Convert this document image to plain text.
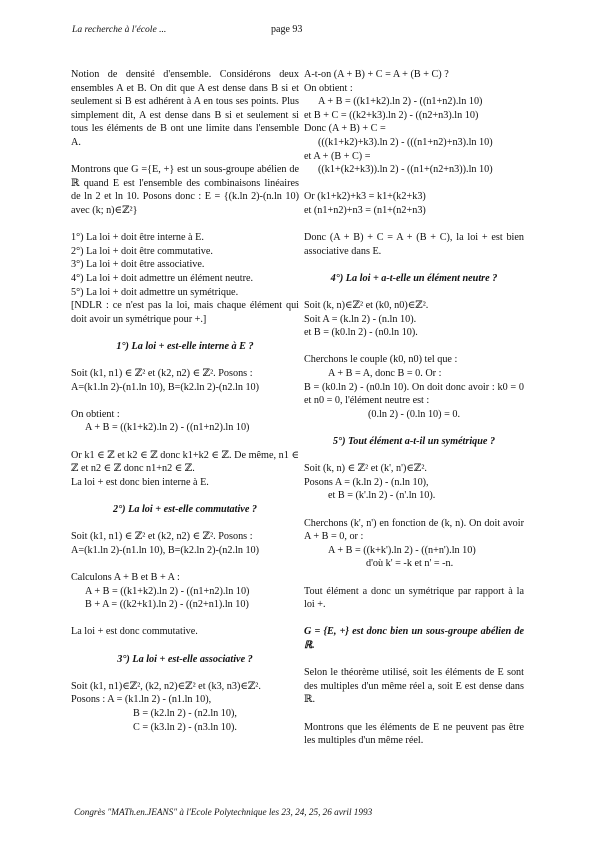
La recherche à l'école ...	page 93
Notion de densité d'ensemble. Considérons deux ensembles A et B. On dit que A est dense dans B si et seulement si B est adhérent à A en tous ses points. Plus simplement dit, A est dense dans B si et seulement si tous les éléments de B ont une limite dans l'ensemble A.
Montrons que G ={E, +} est un sous-groupe abélien de ℝ quand E est l'ensemble des combinaisons linéaires de ln 2 et ln 10. Posons donc : E = {(k.ln 2)-(n.ln 10) avec (k; n)∈ℤ²}
1°) La loi + doit être interne à E.
2°) La loi + doit être commutative.
3°) La loi + doit être associative.
4°) La loi + doit admettre un élément neutre.
5°) La loi + doit admettre un symétrique.
[NDLR : ce n'est pas la loi, mais chaque élément qui doit avoir un symétrique pour +.]
1°) La loi + est-elle interne à E ?
Soit (k1, n1) ∈ ℤ² et (k2, n2) ∈ ℤ². Posons :
A=(k1.ln 2)-(n1.ln 10), B=(k2.ln 2)-(n2.ln 10)
On obtient :
A + B = ((k1+k2).ln 2) - ((n1+n2).ln 10)
Or k1 ∈ ℤ et k2 ∈ ℤ donc k1+k2 ∈ ℤ. De même, n1 ∈ ℤ et n2 ∈ ℤ donc n1+n2 ∈ ℤ.
La loi + est donc bien interne à E.
2°) La loi + est-elle commutative ?
Soit (k1, n1) ∈ ℤ² et (k2, n2) ∈ ℤ². Posons :
A=(k1.ln 2)-(n1.ln 10), B=(k2.ln 2)-(n2.ln 10)
Calculons A + B et B + A :
A + B = ((k1+k2).ln 2) - ((n1+n2).ln 10)
B + A = ((k2+k1).ln 2) - ((n2+n1).ln 10)
La loi + est donc commutative.
3°) La loi + est-elle associative ?
Soit (k1, n1)∈ℤ², (k2, n2)∈ℤ² et (k3, n3)∈ℤ².
Posons : A = (k1.ln 2) - (n1.ln 10),
B = (k2.ln 2) - (n2.ln 10),
C = (k3.ln 2) - (n3.ln 10).
A-t-on (A + B) + C = A + (B + C) ?
On obtient :
A + B = ((k1+k2).ln 2) - ((n1+n2).ln 10)
et B + C = ((k2+k3).ln 2) - ((n2+n3).ln 10)
Donc (A + B) + C =
(((k1+k2)+k3).ln 2) - (((n1+n2)+n3).ln 10)
et A + (B + C) =
((k1+(k2+k3)).ln 2) - ((n1+(n2+n3)).ln 10)
Or (k1+k2)+k3 = k1+(k2+k3)
et (n1+n2)+n3 = (n1+(n2+n3)
Donc (A + B) + C = A + (B + C), la loi + est bien associative dans E.
4°) La loi + a-t-elle un élément neutre ?
Soit (k, n)∈ℤ² et (k0, n0)∈ℤ².
Soit A = (k.ln 2) - (n.ln 10).
et B = (k0.ln 2) - (n0.ln 10).
Cherchons le couple (k0, n0) tel que :
A + B = A, donc B = 0. Or :
B = (k0.ln 2) - (n0.ln 10). On doit donc avoir : k0 = 0 et n0 = 0, l'élément neutre est :
(0.ln 2) - (0.ln 10) = 0.
5°) Tout élément a-t-il un symétrique ?
Soit (k, n) ∈ ℤ² et (k', n')∈ℤ².
Posons A = (k.ln 2) - (n.ln 10),
et B = (k'.ln 2) - (n'.ln 10).
Cherchons (k', n') en fonction de (k, n). On doit avoir A + B = 0, or :
A + B = ((k+k').ln 2) - ((n+n').ln 10)
d'où k' = -k et n' = -n.
Tout élément a donc un symétrique par rapport à la loi +.
G = {E, +} est donc bien un sous-groupe abélien de ℝ.
Selon le théorème utilisé, soit les éléments de E sont des multiples d'un même réel a, soit E est dense dans ℝ.
Montrons que les éléments de E ne peuvent pas être les multiples d'un même réel.
Congrès "MATh.en.JEANS" à l'Ecole Polytechnique les 23, 24, 25, 26 avril 1993
